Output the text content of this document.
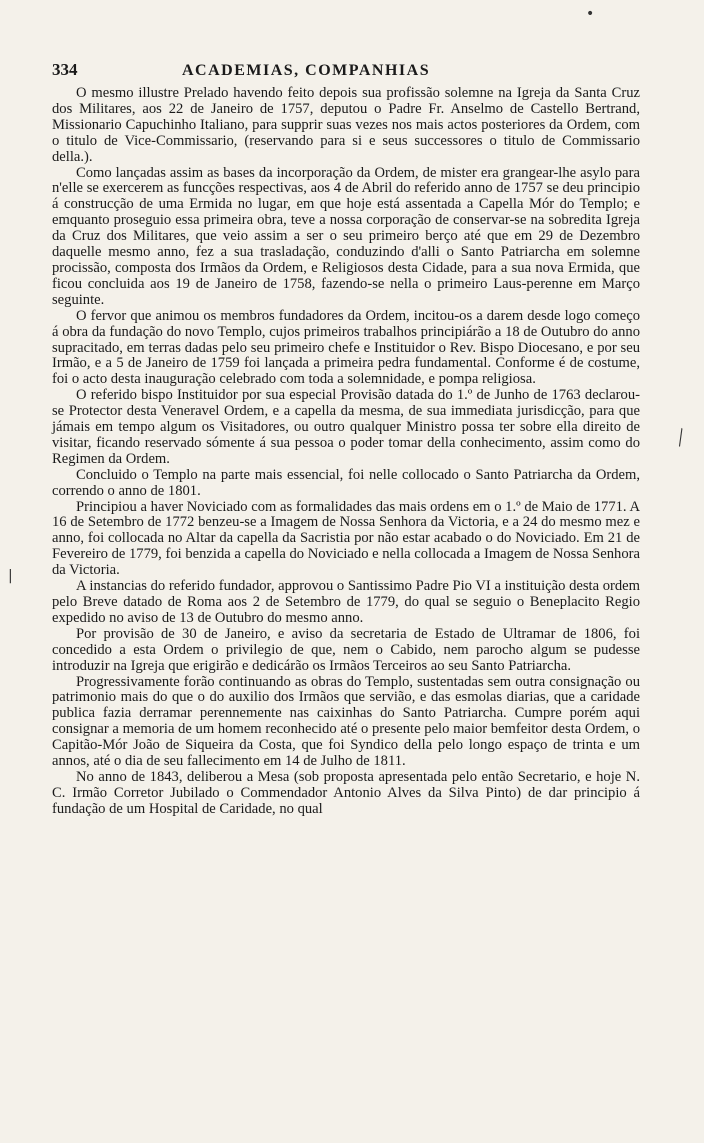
•
╲
|
334	ACADEMIAS, COMPANHIAS

O mesmo illustre Prelado havendo feito depois sua profissão solemne na Igreja da Santa Cruz dos Militares, aos 22 de Janeiro de 1757, deputou o Padre Fr. Anselmo de Castello Bertrand, Missionario Capuchinho Italiano, para supprir suas vezes nos mais actos posteriores da Ordem, com o titulo de Vice-Commissario, (reservando para si e seus successores o titulo de Commissario della.).

Como lançadas assim as bases da incorporação da Ordem, de mister era grangear-lhe asylo para n'elle se exercerem as funcções respectivas, aos 4 de Abril do referido anno de 1757 se deu principio á construcção de uma Ermida no lugar, em que hoje está assentada a Capella Mór do Templo; e emquanto proseguio essa primeira obra, teve a nossa corporação de conservar-se na sobredita Igreja da Cruz dos Militares, que veio assim a ser o seu primeiro berço até que em 29 de Dezembro daquelle mesmo anno, fez a sua trasladação, conduzindo d'alli o Santo Patriarcha em solemne procissão, composta dos Irmãos da Ordem, e Religiosos desta Cidade, para a sua nova Ermida, que ficou concluida aos 19 de Janeiro de 1758, fazendo-se nella o primeiro Laus-perenne em Março seguinte.

O fervor que animou os membros fundadores da Ordem, incitou-os a darem desde logo começo á obra da fundação do novo Templo, cujos primeiros trabalhos principiárão a 18 de Outubro do anno supracitado, em terras dadas pelo seu primeiro chefe e Instituidor o Rev. Bispo Diocesano, e por seu Irmão, e a 5 de Janeiro de 1759 foi lançada a primeira pedra fundamental. Conforme é de costume, foi o acto desta inauguração celebrado com toda a solemnidade, e pompa religiosa.

O referido bispo Instituidor por sua especial Provisão datada do 1.º de Junho de 1763 declarou-se Protector desta Veneravel Ordem, e a capella da mesma, de sua immediata jurisdicção, para que jámais em tempo algum os Visitadores, ou outro qualquer Ministro possa ter sobre ella direito de visitar, ficando reservado sómente á sua pessoa o poder tomar della conhecimento, assim como do Regimen da Ordem.

Concluido o Templo na parte mais essencial, foi nelle collocado o Santo Patriarcha da Ordem, correndo o anno de 1801.

Principiou a haver Noviciado com as formalidades das mais ordens em o 1.º de Maio de 1771. A 16 de Setembro de 1772 benzeu-se a Imagem de Nossa Senhora da Victoria, e a 24 do mesmo mez e anno, foi collocada no Altar da capella da Sacristia por não estar acabado o do Noviciado. Em 21 de Fevereiro de 1779, foi benzida a capella do Noviciado e nella collocada a Imagem de Nossa Senhora da Victoria.

A instancias do referido fundador, approvou o Santissimo Padre Pio VI a instituição desta ordem pelo Breve datado de Roma aos 2 de Setembro de 1779, do qual se seguio o Beneplacito Regio expedido no aviso de 13 de Outubro do mesmo anno.

Por provisão de 30 de Janeiro, e aviso da secretaria de Estado de Ultramar de 1806, foi concedido a esta Ordem o privilegio de que, nem o Cabido, nem parocho algum se pudesse introduzir na Igreja que erigirão e dedicárão os Irmãos Terceiros ao seu Santo Patriarcha.

Progressivamente forão continuando as obras do Templo, sustentadas sem outra consignação ou patrimonio mais do que o do auxilio dos Irmãos que servião, e das esmolas diarias, que a caridade publica fazia derramar perennemente nas caixinhas do Santo Patriarcha. Cumpre porém aqui consignar a memoria de um homem reconhecido até o presente pelo maior bemfeitor desta Ordem, o Capitão-Mór João de Siqueira da Costa, que foi Syndico della pelo longo espaço de trinta e um annos, até o dia de seu fallecimento em 14 de Julho de 1811.

No anno de 1843, deliberou a Mesa (sob proposta apresentada pelo então Secretario, e hoje N. C. Irmão Corretor Jubilado o Commendador Antonio Alves da Silva Pinto) de dar principio á fundação de um Hospital de Caridade, no qual
